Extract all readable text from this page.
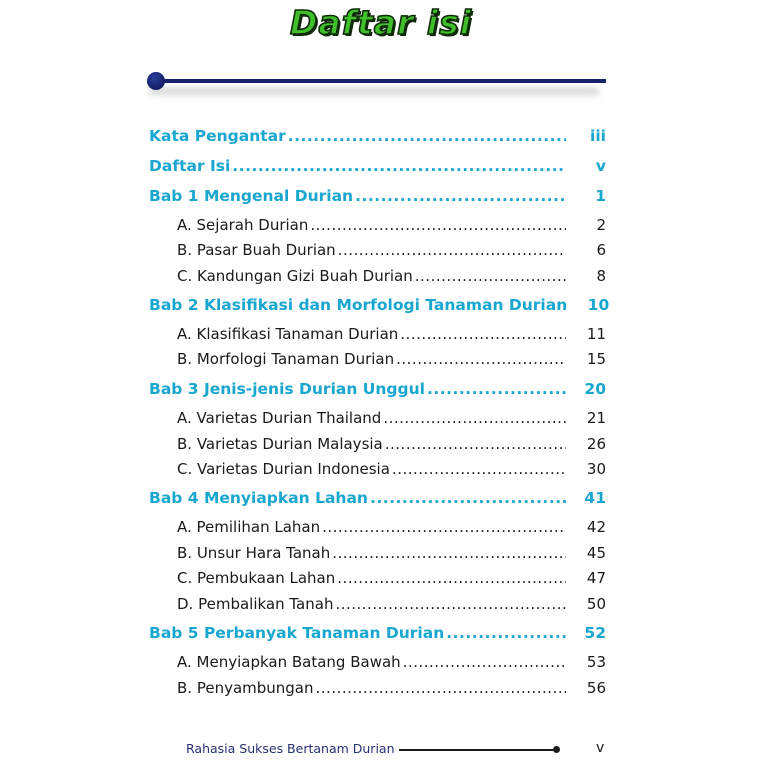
Daftar isi
Kata Pengantar .....	iii
Daftar Isi .....	v
Bab 1 Mengenal Durian .....	1
A. Sejarah Durian .....	2
B. Pasar Buah Durian .....	6
C. Kandungan Gizi Buah Durian .....	8
Bab 2 Klasifikasi dan Morfologi Tanaman Durian	10
A. Klasifikasi Tanaman Durian .....	11
B. Morfologi Tanaman Durian .....	15
Bab 3 Jenis-jenis Durian Unggul .....	20
A. Varietas Durian Thailand .....	21
B. Varietas Durian Malaysia .....	26
C. Varietas Durian Indonesia .....	30
Bab 4 Menyiapkan Lahan .....	41
A. Pemilihan Lahan .....	42
B. Unsur Hara Tanah .....	45
C. Pembukaan Lahan .....	47
D. Pembalikan Tanah .....	50
Bab 5 Perbanyak Tanaman Durian .....	52
A. Menyiapkan Batang Bawah .....	53
B. Penyambungan .....	56
Rahasia Sukses Bertanam Durian	v
